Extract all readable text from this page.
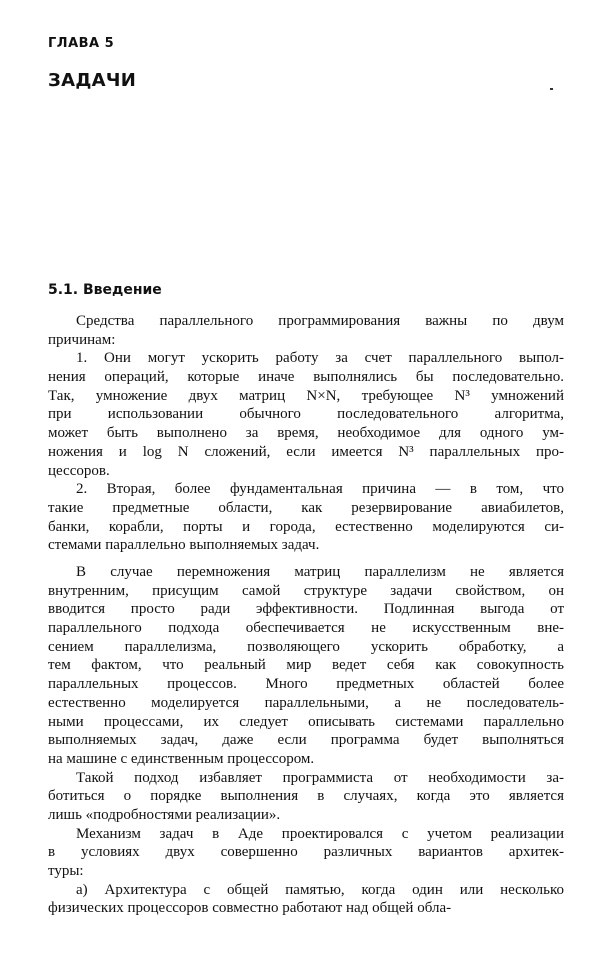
ГЛАВА 5
ЗАДАЧИ
5.1. Введение
Средства параллельного программирования важны по двум
причинам:
1. Они могут ускорить работу за счет параллельного выпол-
нения операций, которые иначе выполнялись бы последовательно.
Так, умножение двух матриц N×N, требующее N³ умножений
при использовании обычного последовательного алгоритма,
может быть выполнено за время, необходимое для одного ум-
ножения и log N сложений, если имеется N³ параллельных про-
цессоров.
2. Вторая, более фундаментальная причина — в том, что
такие предметные области, как резервирование авиабилетов,
банки, корабли, порты и города, естественно моделируются си-
стемами параллельно выполняемых задач.
В случае перемножения матриц параллелизм не является
внутренним, присущим самой структуре задачи свойством, он
вводится просто ради эффективности. Подлинная выгода от
параллельного подхода обеспечивается не искусственным вне-
сением параллелизма, позволяющего ускорить обработку, а
тем фактом, что реальный мир ведет себя как совокупность
параллельных процессов. Много предметных областей более
естественно моделируется параллельными, а не последователь-
ными процессами, их следует описывать системами параллельно
выполняемых задач, даже если программа будет выполняться
на машине с единственным процессором.
Такой подход избавляет программиста от необходимости за-
ботиться о порядке выполнения в случаях, когда это является
лишь «подробностями реализации».
Механизм задач в Аде проектировался с учетом реализации
в условиях двух совершенно различных вариантов архитек-
туры:
а) Архитектура с общей памятью, когда один или несколько
физических процессоров совместно работают над общей обла-
